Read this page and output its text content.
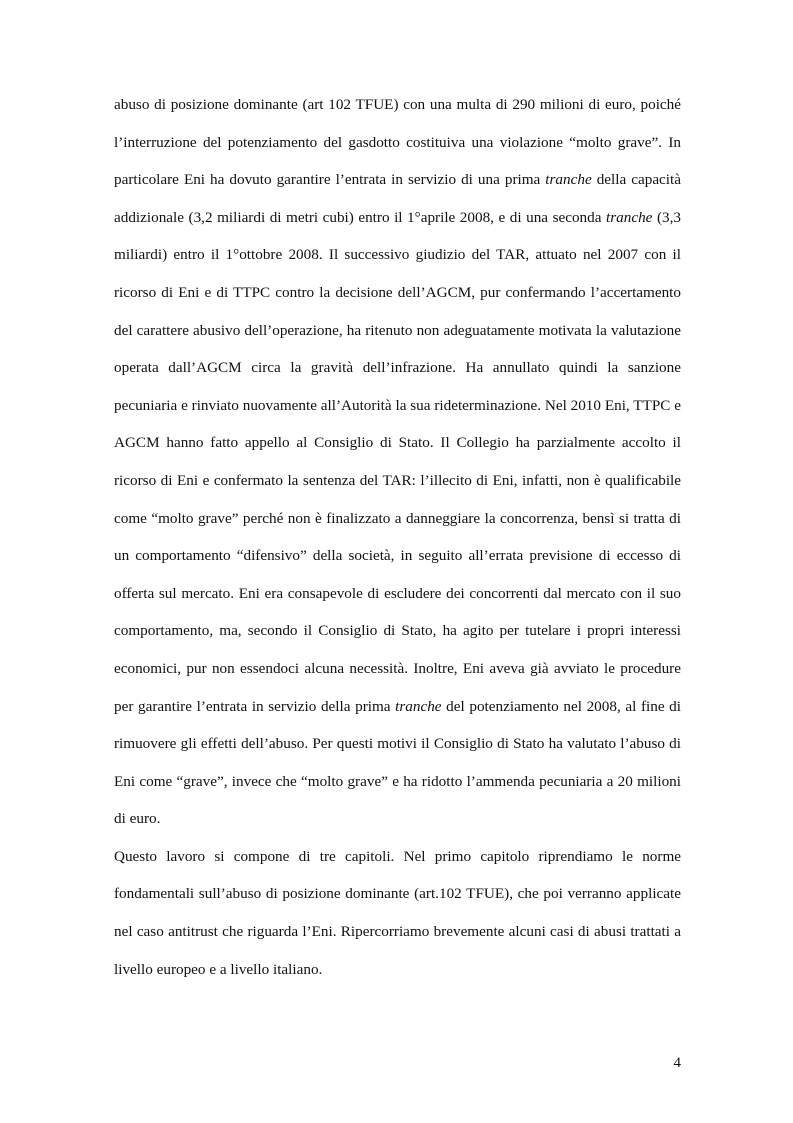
abuso di posizione dominante (art 102 TFUE) con una multa di 290 milioni di euro, poiché l’interruzione del potenziamento del gasdotto costituiva una violazione “molto grave”. In particolare Eni ha dovuto garantire l’entrata in servizio di una prima tranche della capacità addizionale (3,2 miliardi di metri cubi) entro il 1°aprile 2008, e di una seconda tranche (3,3 miliardi) entro il 1°ottobre 2008. Il successivo giudizio del TAR, attuato nel 2007 con il ricorso di Eni e di TTPC contro la decisione dell’AGCM, pur confermando l’accertamento del carattere abusivo dell’operazione, ha ritenuto non adeguatamente motivata la valutazione operata dall’AGCM circa la gravità dell’infrazione. Ha annullato quindi la sanzione pecuniaria e rinviato nuovamente all’Autorità la sua rideterminazione. Nel 2010 Eni, TTPC e AGCM hanno fatto appello al Consiglio di Stato. Il Collegio ha parzialmente accolto il ricorso di Eni e confermato la sentenza del TAR: l’illecito di Eni, infatti, non è qualificabile come “molto grave” perché non è finalizzato a danneggiare la concorrenza, bensì si tratta di un comportamento “difensivo” della società, in seguito all’errata previsione di eccesso di offerta sul mercato. Eni era consapevole di escludere dei concorrenti dal mercato con il suo comportamento, ma, secondo il Consiglio di Stato, ha agito per tutelare i propri interessi economici, pur non essendoci alcuna necessità. Inoltre, Eni aveva già avviato le procedure per garantire l’entrata in servizio della prima tranche del potenziamento nel 2008, al fine di rimuovere gli effetti dell’abuso. Per questi motivi il Consiglio di Stato ha valutato l’abuso di Eni come “grave”, invece che “molto grave” e ha ridotto l’ammenda pecuniaria a 20 milioni di euro.

Questo lavoro si compone di tre capitoli. Nel primo capitolo riprendiamo le norme fondamentali sull’abuso di posizione dominante (art.102 TFUE), che poi verranno applicate nel caso antitrust che riguarda l’Eni. Ripercorriamo brevemente alcuni casi di abusi trattati a livello europeo e a livello italiano.

4
